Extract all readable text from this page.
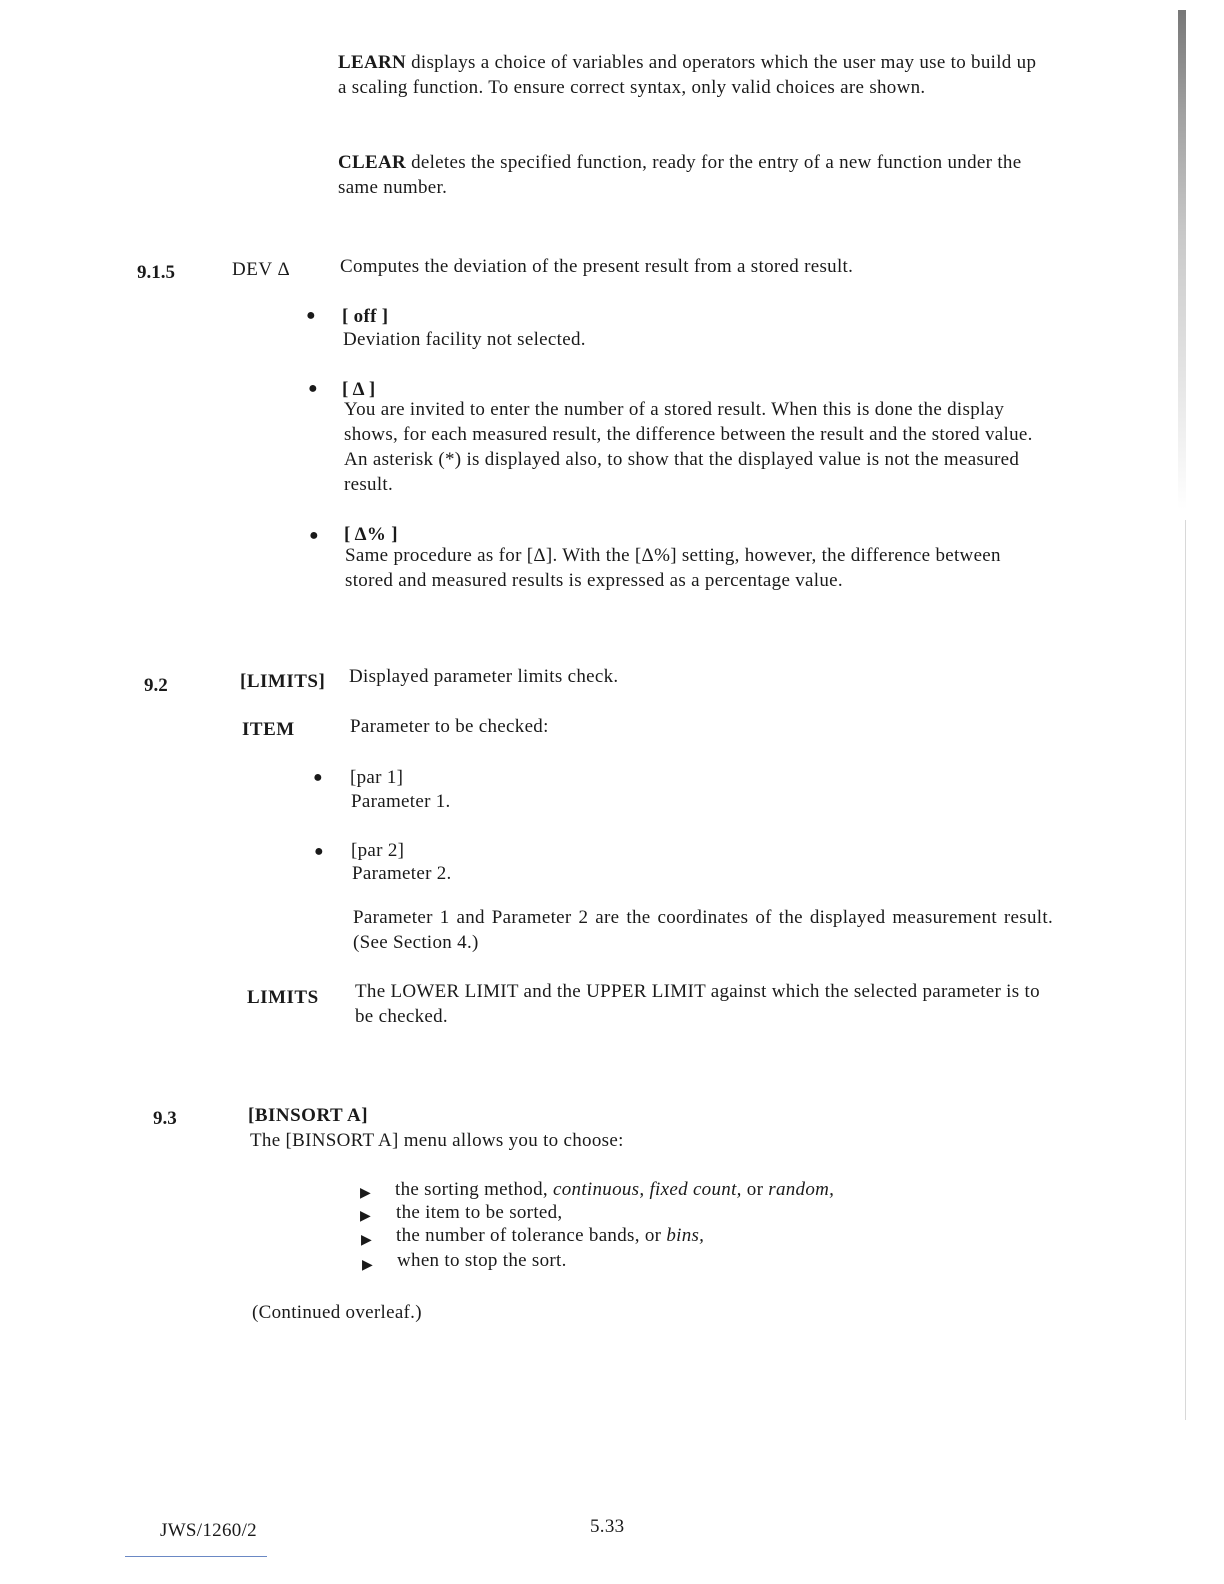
LEARN displays a choice of variables and operators which the user may use to build up a scaling function. To ensure correct syntax, only valid choices are shown.

CLEAR deletes the specified function, ready for the entry of a new function under the same number.

9.1.5	DEV Δ	Computes the deviation of the present result from a stored result.
● [ off ]
Deviation facility not selected.
● [ Δ ]
You are invited to enter the number of a stored result. When this is done the display shows, for each measured result, the difference between the result and the stored value. An asterisk (*) is displayed also, to show that the displayed value is not the measured result.
● [ Δ% ]
Same procedure as for [Δ]. With the [Δ%] setting, however, the difference between stored and measured results is expressed as a percentage value.
9.2	[LIMITS] Displayed parameter limits check.
ITEM	Parameter to be checked:
● [par 1]
Parameter 1.
● [par 2]
Parameter 2.
Parameter 1 and Parameter 2 are the coordinates of the displayed measurement result. (See Section 4.)
LIMITS The LOWER LIMIT and the UPPER LIMIT against which the selected parameter is to be checked.
9.3	[BINSORT A]
The [BINSORT A] menu allows you to choose:
▶ the sorting method, continuous, fixed count, or random,
▶ the item to be sorted,
▶ the number of tolerance bands, or bins,
▶ when to stop the sort.
(Continued overleaf.)
JWS/1260/2	5.33
